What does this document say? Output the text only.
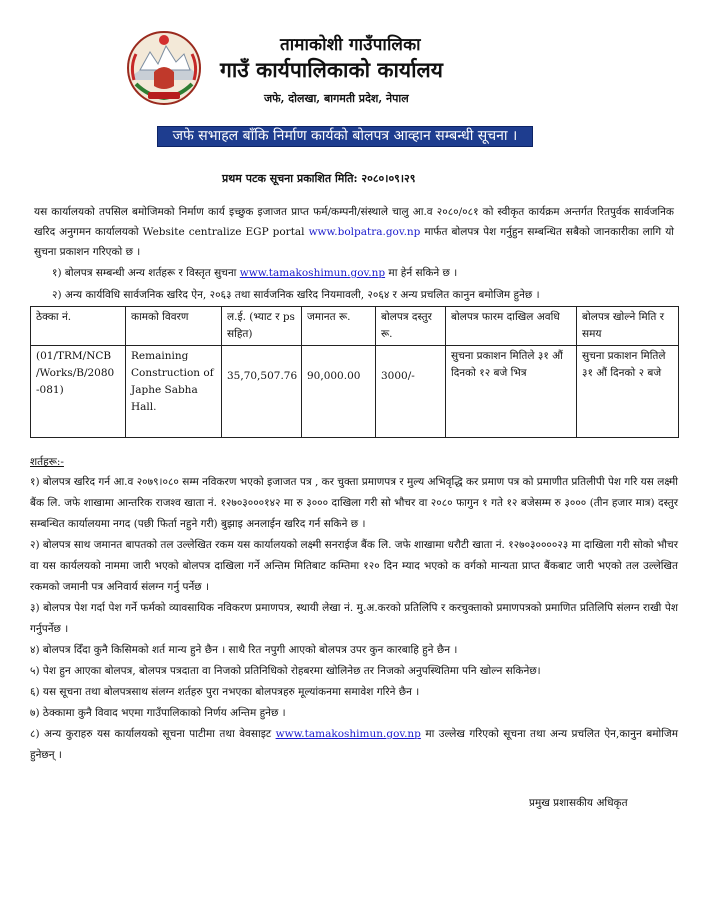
तामाकोशी गाउँपालिका
गाउँ कार्यपालिकाको कार्यालय
जफे, दोलखा, बागमती प्रदेश, नेपाल
जफे सभाहल बाँकि निर्माण कार्यको बोलपत्र आव्हान सम्बन्धी सूचना ।
प्रथम पटक सूचना प्रकाशित मिति: २०८०।०९।२९
यस कार्यालयको तपसिल बमोजिमको निर्माण कार्य इच्छुक इजाजत प्राप्त फर्म/कम्पनी/संस्थाले चालु आ.व २०८०/०८१ को स्वीकृत कार्यक्रम अन्तर्गत रितपुर्वक सार्वजनिक खरिद अनुगमन कार्यालयको Website centralize EGP portal www.bolpatra.gov.np मार्फत बोलपत्र पेश गर्नुहुन सम्बन्धित सबैको जानकारीका लागि यो सुचना प्रकाशन गरिएको छ ।
१) बोलपत्र सम्बन्धी अन्य शर्तहरू र विस्तृत सुचना www.tamakoshimun.gov.np मा हेर्न सकिने छ ।
२) अन्य कार्यविधि सार्वजनिक खरिद ऐन, २०६३ तथा सार्वजनिक खरिद नियमावली, २०६४ र अन्य प्रचलित कानुन बमोजिम हुनेछ ।
ठेक्का नं.	कामको विवरण	ल.ई. (भ्याट र ps सहित)	जमानत रू.	बोलपत्र दस्तुर रू.	बोलपत्र फारम दाखिल अवधि	बोलपत्र खोल्ने मिति र समय
(01/TRM/NCB /Works/B/2080 -081)	Remaining Construction of Japhe Sabha Hall.	35,70,507.76	90,000.00	3000/-	सुचना प्रकाशन मितिले ३१ औं दिनको १२ बजे भित्र	सुचना प्रकाशन मितिले ३१ औं दिनको २ बजे
शर्तहरू:-

१) बोलपत्र खरिद गर्न आ.व २०७९।०८० सम्म नविकरण भएको इजाजत पत्र , कर चुक्ता प्रमाणपत्र र मुल्य अभिवृद्धि कर प्रमाण पत्र को प्रमाणीत प्रतिलीपी पेश गरि यस लक्ष्मी बैंक लि. जफे शाखामा आन्तरिक राजश्व खाता नं. १२७०३०००१४२ मा रु ३००० दाखिला गरी सो भौचर वा २०८० फागुन १ गते १२ बजेसम्म रु ३००० (तीन हजार मात्र) दस्तुर सम्बन्धित कार्यालयमा नगद (पछी फिर्ता नहुने गरी) बुझाइ अनलाईन खरिद गर्न सकिने छ ।

२) बोलपत्र साथ जमानत बापतको तल उल्लेखित रकम यस कार्यालयको लक्ष्मी सनराईज बैंक लि. जफे शाखामा धरौटी खाता नं. १२७०३००००२३ मा दाखिला गरी सोको भौचर वा यस कार्यलयको नाममा जारी भएको बोलपत्र दाखिला गर्ने अन्तिम मितिबाट कम्तिमा १२० दिन म्याद भएको क वर्गको मान्यता प्राप्त बैंकबाट जारी भएको तल उल्लेखित रकमको जमानी पत्र अनिवार्य संलग्न गर्नु पर्नेछ ।

३) बोलपत्र पेश गर्दा पेश गर्ने फर्मको व्यावसायिक नविकरण प्रमाणपत्र, स्थायी लेखा नं. मु.अ.करको प्रतिलिपि र करचुक्ताको प्रमाणपत्रको प्रमाणित प्रतिलिपि संलग्न राखी पेश गर्नुपर्नेछ ।

४) बोलपत्र दिँदा कुनै किसिमको शर्त मान्य हुने छैन । साथै रित नपुगी आएको बोलपत्र उपर कुन कारबाहि हुने छैन ।

५) पेश हुन आएका बोलपत्र, बोलपत्र पत्रदाता वा निजको प्रतिनिधिको रोहबरमा खोलिनेछ तर निजको अनुपस्थितिमा पनि खोल्न सकिनेछ।

६) यस सूचना तथा बोलपत्रसाथ संलग्न शर्तहरु पुरा नभएका बोलपत्रहरु मूल्यांकनमा समावेश गरिने छैन ।

७) ठेक्कामा कुनै विवाद भएमा गाउँपालिकाको निर्णय अन्तिम हुनेछ ।

८) अन्य कुराहरु यस कार्यालयको सूचना पाटीमा तथा वेवसाइट www.tamakoshimun.gov.np मा उल्लेख गरिएको सूचना तथा अन्य प्रचलित ऐन,कानुन बमोजिम हुनेछन् ।

प्रमुख प्रशासकीय अधिकृत
